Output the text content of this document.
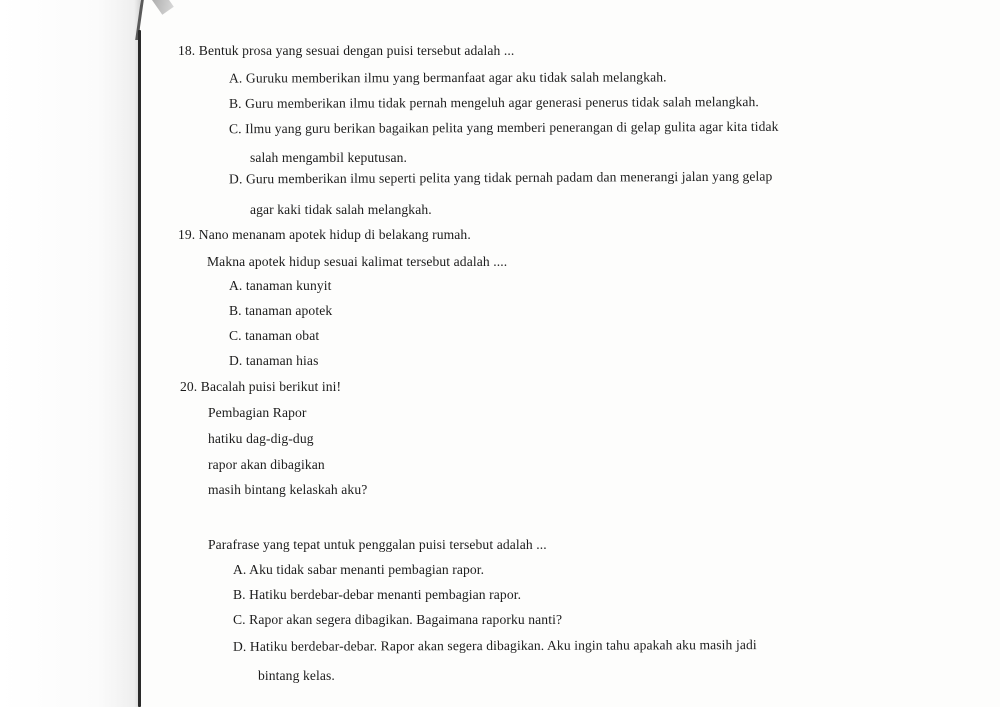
18. Bentuk prosa yang sesuai dengan puisi tersebut adalah ...
A. Guruku memberikan ilmu yang bermanfaat agar aku tidak salah melangkah.
B. Guru memberikan ilmu tidak pernah mengeluh agar generasi penerus tidak salah melangkah.
C. Ilmu yang guru berikan bagaikan pelita yang memberi penerangan di gelap gulita agar kita tidak
salah mengambil keputusan.
D. Guru memberikan ilmu seperti pelita yang tidak pernah padam dan menerangi jalan yang gelap
agar kaki tidak salah melangkah.
19. Nano menanam apotek hidup di belakang rumah.
Makna apotek hidup sesuai kalimat tersebut adalah ....
A. tanaman kunyit
B. tanaman apotek
C. tanaman obat
D. tanaman hias
20. Bacalah puisi berikut ini!
Pembagian Rapor
hatiku dag-dig-dug
rapor akan dibagikan
masih bintang kelaskah aku?
Parafrase yang tepat untuk penggalan puisi tersebut adalah ...
A. Aku tidak sabar menanti pembagian rapor.
B. Hatiku berdebar-debar menanti pembagian rapor.
C. Rapor akan segera dibagikan. Bagaimana raporku nanti?
D. Hatiku berdebar-debar. Rapor akan segera dibagikan. Aku ingin tahu apakah aku masih jadi
bintang kelas.
